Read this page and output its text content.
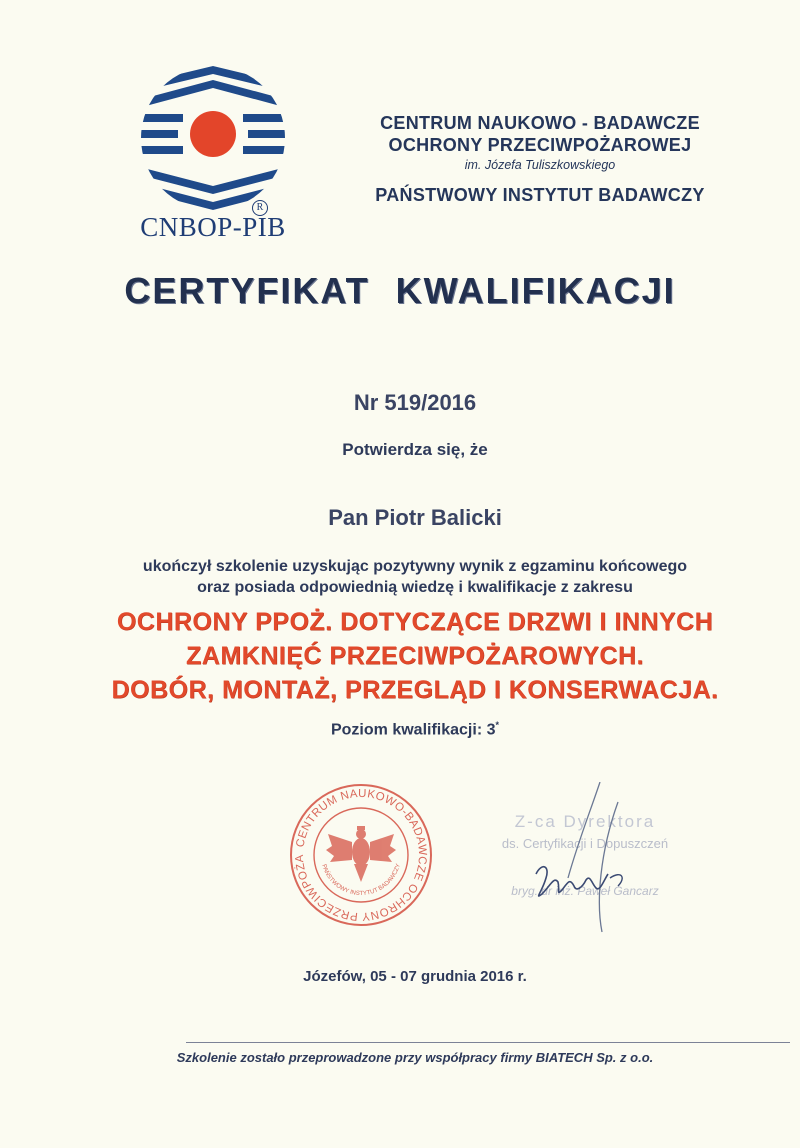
R
CNBOP-PIB
CENTRUM NAUKOWO - BADAWCZE
OCHRONY PRZECIWPOŻAROWEJ
im. Józefa Tuliszkowskiego
PAŃSTWOWY INSTYTUT BADAWCZY
CERTYFIKAT KWALIFIKACJI
Nr 519/2016
Potwierdza się, że
Pan Piotr Balicki
ukończył szkolenie uzyskując pozytywny wynik z egzaminu końcowego
oraz posiada odpowiednią wiedzę i kwalifikacje z zakresu
OCHRONY PPOŻ. DOTYCZĄCE DRZWI I INNYCH
ZAMKNIĘĆ PRZECIWPOŻAROWYCH.
DOBÓR, MONTAŻ, PRZEGLĄD I KONSERWACJA.
Poziom kwalifikacji: 3*
CENTRUM NAUKOWO-BADAWCZE OCHRONY PRZECIWPOŻA
PAŃSTWOWY INSTYTUT BADAWCZY
Z-ca Dyrektora
ds. Certyfikacji i Dopuszczeń
bryg. dr inż. Paweł Gancarz
Józefów, 05 - 07 grudnia 2016 r.
Szkolenie zostało przeprowadzone przy współpracy firmy BIATECH Sp. z o.o.
